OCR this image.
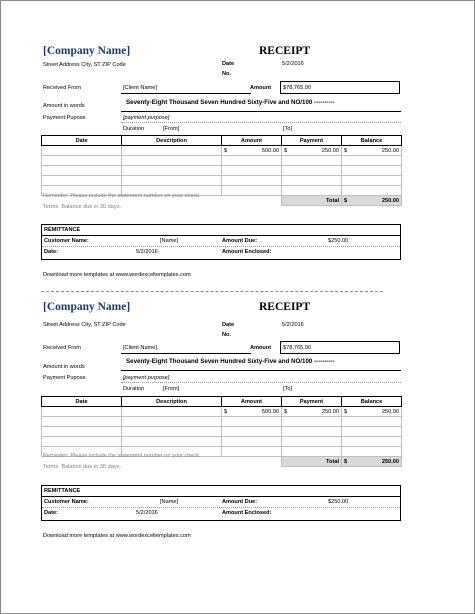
[Company Name]	RECEIPT
Street Address City, ST ZIP Code	Date	5/2/2016
No.
Received From	[Client Name]	Amount $78,765.00
Amount in words	Seventy-Eight Thousand Seven Hundred Sixty-Five and NO/100 ----------
Payment Pupose	[payment purpose]
Duration	[From]	[To]
Date	Description	Amount	Payment	Balance

		$ 500.00	$ 250.00	$ 250.00

			Total	$ 250.00
Reminder: Please include the statement number on your check.
Terms: Balance due in 30 days.
REMITTANCE
Customer Name:	[Name]	Amount Due:	$250.00
Date:	5/2/2016	Amount Enclosed:
Download more templates at www.wordexceltemplates.com
[Company Name]	RECEIPT
Street Address City, ST ZIP Code	Date	5/2/2016
No.
Received From	[Client Name]	Amount $78,765.00
Amount in words
Seventy-Eight Thousand Seven Hundred Sixty-Five and NO/100 ----------
Payment Pupose	[payment purpose]
Duration	[From]	[To]
Date	Description	Amount	Payment	Balance

		$ 500.00	$ 250.00	$ 250.00

			Total	$ 250.00
Reminder: Please include the statement number on your check.
Terms: Balance due in 30 days.
REMITTANCE
Customer Name:	[Name]	Amount Due:	$250.00
Date:	5/2/2016	Amount Enclosed:
Download more templates at www.wordexceltemplates.com
